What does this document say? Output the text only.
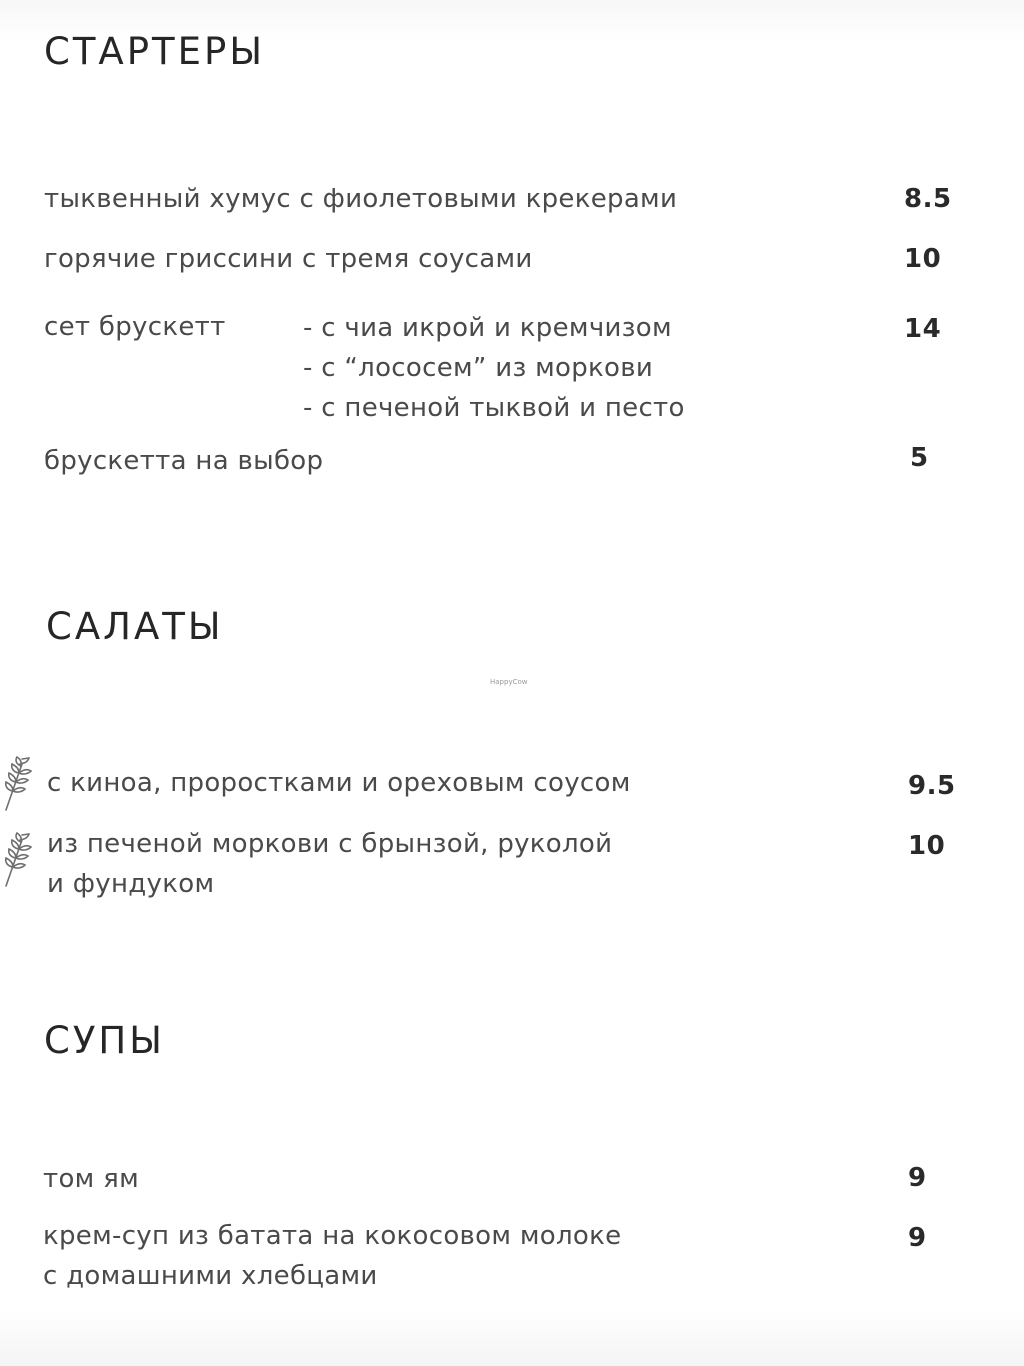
СТАРТЕРЫ
тыквенный хумус с фиолетовыми крекерами	8.5
горячие гриссини с тремя соусами	10
сет брускетт	- с чиа икрой и кремчизом
- с “лососем” из моркови
- с печеной тыквой и песто
14
брускетта на выбор	5
САЛАТЫ
HappyCow
с киноа, проростками и ореховым соусом	9.5
из печеной моркови с брынзой, руколой
и фундуком
10
СУПЫ
том ям	9
крем-суп из батата на кокосовом молоке
с домашними хлебцами
9
